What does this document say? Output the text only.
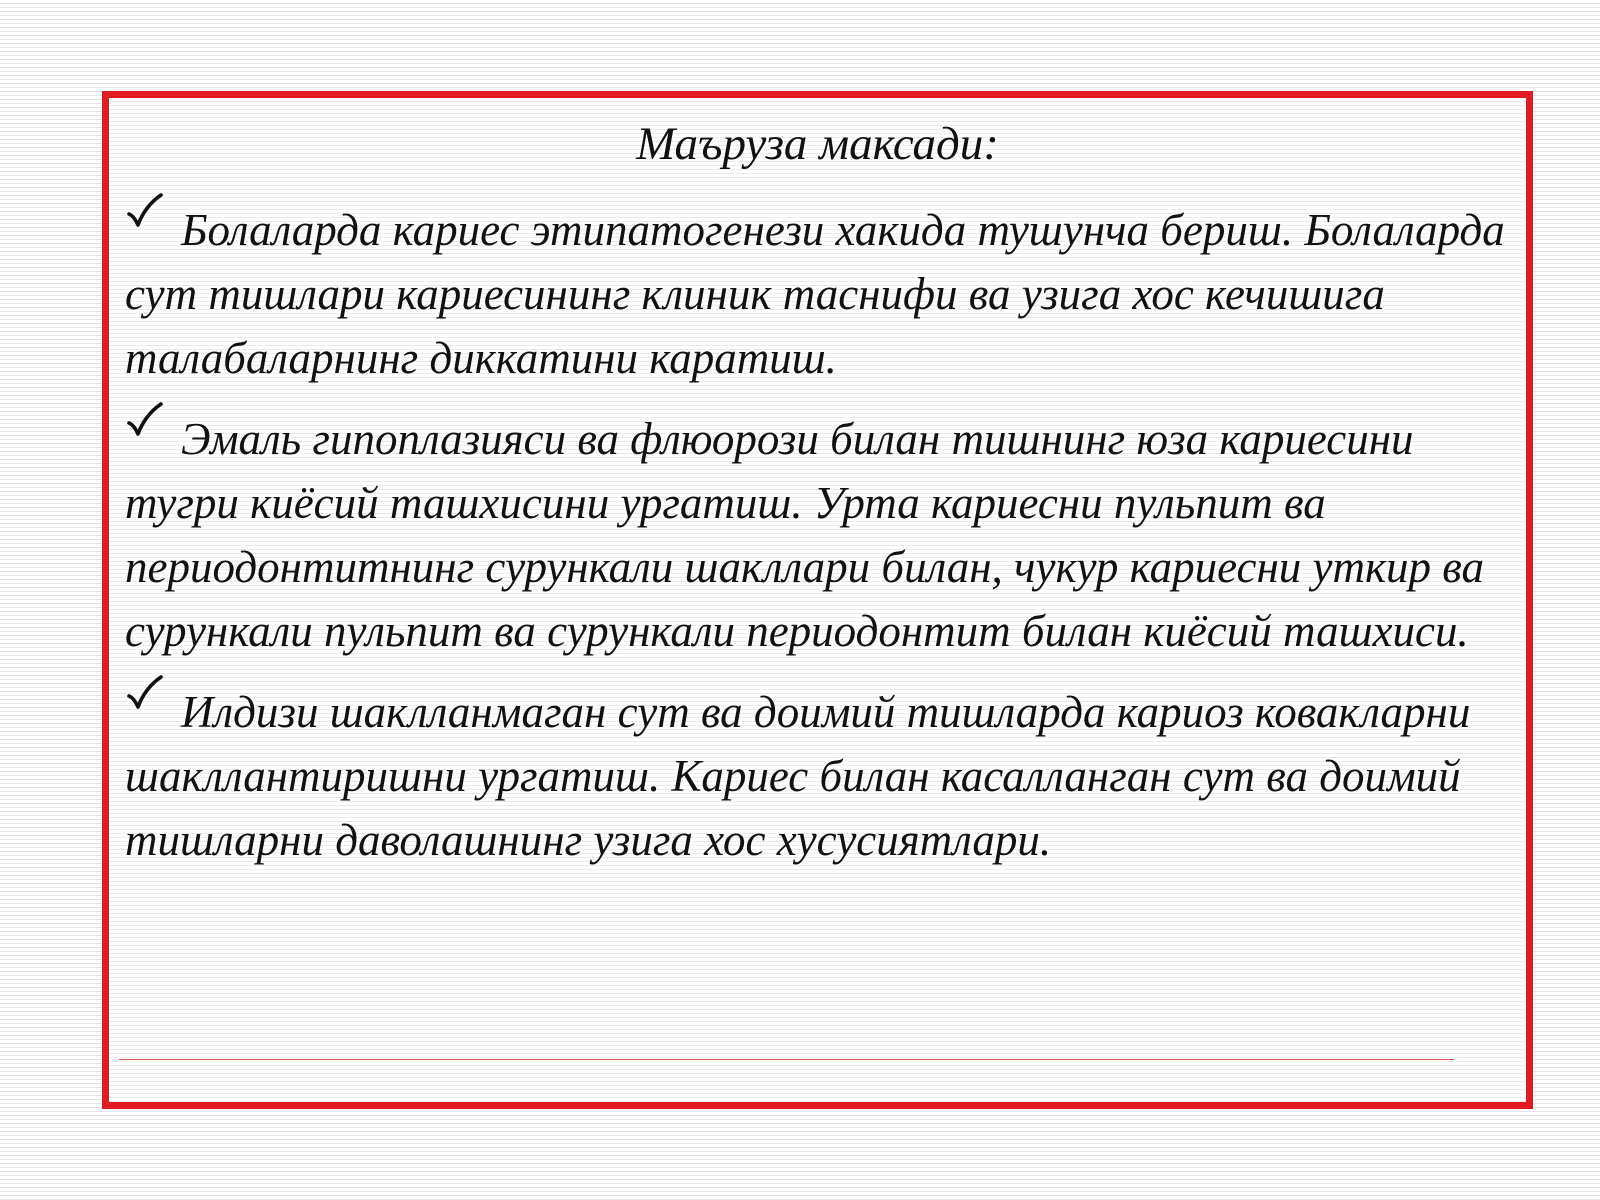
Маъруза максади:
Болаларда кариес этипатогенези хакида тушунча бериш. Болаларда сут тишлари кариесининг клиник таснифи ва узига хос кечишига талабаларнинг диккатини каратиш.
Эмаль гипоплазияси ва флюорози билан тишнинг юза кариесини тугри киёсий ташхисини ургатиш. Урта кариесни пульпит ва периодонтитнинг сурункали шакллари билан, чукур кариесни уткир ва сурункали пульпит ва сурункали периодонтит билан киёсий ташхиси.
Илдизи шаклланмаган сут ва доимий тишларда кариоз ковакларни шакллантиришни ургатиш. Кариес билан касалланган сут ва доимий тишларни даволашнинг узига хос хусусиятлари.
